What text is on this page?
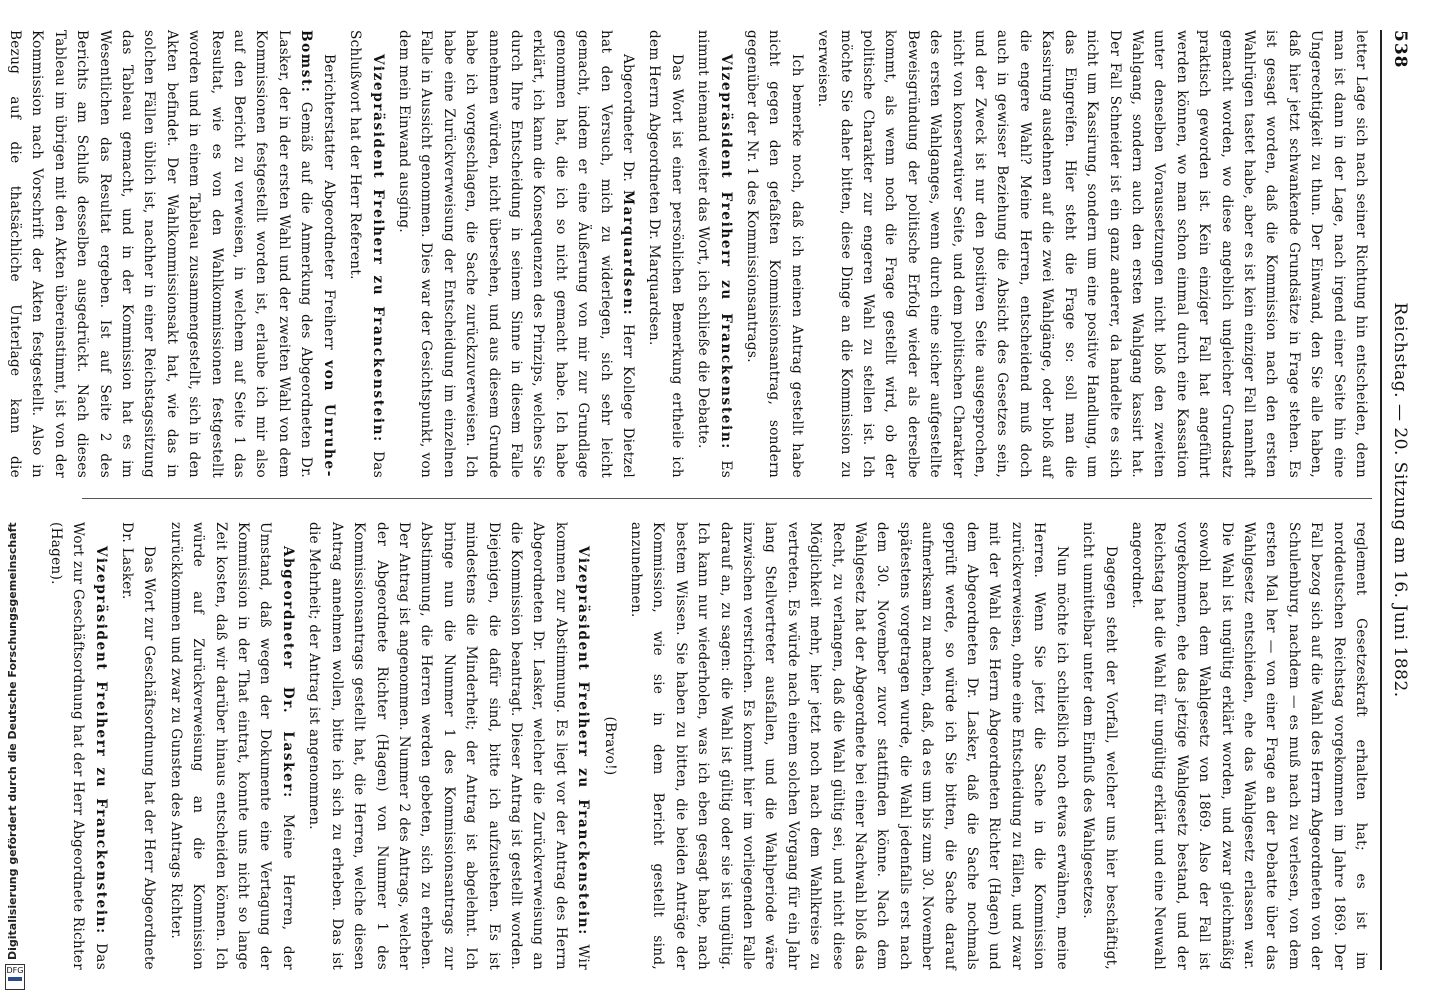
Digitalisierung gefördert durch die Deutsche Forschungsgemeinschaft
DFG
538
Reichstag. — 20. Sitzung am 16. Juni 1882.

letter Lage sich nach seiner Richtung hin entscheiden, denn man ist dann in der Lage, nach irgend einer Seite hin eine Ungerechtigkeit zu thun. Der Einwand, den Sie alle haben, daß hier jetzt schwankende Grundsätze in Frage stehen. Es ist gesagt worden, daß die Kommission nach den ersten Wahlrügen tastet habe, aber es ist kein einziger Fall namhaft gemacht worden, wo diese angeblich ungleicher Grundsatz praktisch geworden ist. Kein einziger Fall hat angeführt werden können, wo man schon einmal durch eine Kassation unter denselben Voraussetzungen nicht bloß den zweiten Wahlgang, sondern auch den ersten Wahlgang kassirt hat. Der Fall Schneider ist ein ganz anderer, da handelte es sich nicht um Kassirung, sondern um eine positive Handlung, um das Eingreifen. Hier steht die Frage so: soll man die Kassirung ausdehnen auf die zwei Wahlgänge, oder bloß auf die engere Wahl? Meine Herren, entscheidend muß doch auch in gewisser Beziehung die Absicht des Gesetzes sein, und der Zweck ist nur den positiven Seite ausgesprochen, nicht von konservativer Seite, und dem politischen Charakter des ersten Wahlganges, wenn durch eine sicher aufgestellte Beweisgründung der politische Erfolg wieder als derselbe kommt, als wenn noch die Frage gestellt wird, ob der politische Charakter zur engeren Wahl zu stellen ist. Ich möchte Sie daher bitten, diese Dinge an die Kommission zu verweisen.

Ich bemerke noch, daß ich meinen Antrag gestellt habe nicht gegen den gefaßten Kommissionsantrag, sondern gegenüber der Nr. 1 des Kommissionsantrags.

Vizepräsident Freiherr zu Franckenstein: Es nimmt niemand weiter das Wort, ich schließe die Debatte.

Das Wort ist einer persönlichen Bemerkung ertheile ich dem Herrn Abgeordneten Dr. Marquardsen.

Abgeordneter Dr. Marquardsen: Herr Kollege Dietzel hat den Versuch, mich zu widerlegen, sich sehr leicht gemacht, indem er eine Äußerung von mir zur Grundlage genommen hat, die ich so nicht gemacht habe. Ich habe erklärt, ich kann die Konsequenzen des Prinzips, welches Sie durch Ihre Entscheidung in seinem Sinne in diesem Falle annehmen würden, nicht übersehen, und aus diesem Grunde habe ich vorgeschlagen, die Sache zurückzuverweisen. Ich habe eine Zurückverweisung der Entscheidung im einzelnen Falle in Aussicht genommen. Dies war der Gesichtspunkt, von dem mein Einwand ausging.

Vizepräsident Freiherr zu Franckenstein: Das Schlußwort hat der Herr Referent.

Berichterstatter Abgeordneter Freiherr von Unruhe-Bomst: Gemäß auf die Anmerkung des Abgeordneten Dr. Lasker, der in der ersten Wahl und der zweiten Wahl von dem Kommissionen festgestellt worden ist, erlaube ich mir also auf den Bericht zu verweisen, in welchem auf Seite 1 das Resultat, wie es von den Wahlkommissionen festgestellt worden und in einem Tableau zusammengestellt, sich in den Akten befindet. Der Wahlkommissionsakt hat, wie das in solchen Fällen üblich ist, nachher in einer Reichstagssitzung das Tableau gemacht, und in der Kommission hat es im Wesentlichen das Resultat ergeben. Ist auf Seite 2 des Berichts am Schluß desselben ausgedrückt. Nach dieses Tableau im übrigen mit den Akten übereinstimmt, ist von der Kommission nach Vorschrift der Akten festgestellt. Also in Bezug auf die thatsächliche Unterlage kann die

reglement Gesetzeskraft erhalten hat; es ist im norddeutschen Reichstag vorgekommen im Jahre 1869. Der Fall bezog sich auf die Wahl des Herrn Abgeordneten von der Schulenburg, nachdem — es muß nach zu verlesen, von dem ersten Mal her — von einer Frage an der Debatte über das Wahlgesetz entschieden, ehe das Wahlgesetz erlassen war. Die Wahl ist ungültig erklärt worden, und zwar gleichmäßig sowohl nach dem Wahlgesetz von 1869. Also der Fall ist vorgekommen, ehe das jetzige Wahlgesetz bestand, und der Reichstag hat die Wahl für ungültig erklärt und eine Neuwahl angeordnet.

Dagegen steht der Vorfall, welcher uns hier beschäftigt, nicht unmittelbar unter dem Einfluß des Wahlgesetzes.

Nun möchte ich schließlich noch etwas erwähnen, meine Herren. Wenn Sie jetzt die Sache in die Kommission zurückverweisen, ohne eine Entscheidung zu fällen, und zwar mit der Wahl des Herrn Abgeordneten Richter (Hagen) und dem Abgeordneten Dr. Lasker, daß die Sache nochmals geprüft werde, so würde ich Sie bitten, die Sache darauf aufmerksam zu machen, daß, da es um bis zum 30. November spätestens vorgetragen wurde, die Wahl jedenfalls erst nach dem 30. November zuvor stattfinden könne. Nach dem Wahlgesetz hat der Abgeordnete bei einer Nachwahl bloß das Recht, zu verlangen, daß die Wahl gültig sei, und nicht diese Möglichkeit mehr, hier jetzt noch nach dem Wahlkreise zu vertreten. Es würde nach einem solchen Vorgang für ein Jahr lang Stellvertreter ausfallen, und die Wahlperiode wäre inzwischen verstrichen. Es kommt hier im vorliegenden Falle darauf an, zu sagen: die Wahl ist gültig oder sie ist ungültig. Ich kann nur wiederholen, was ich eben gesagt habe, nach bestem Wissen. Sie haben zu bitten, die beiden Anträge der Kommission, wie sie in dem Bericht gestellt sind, anzunehmen.

(Bravo!)

Vizepräsident Freiherr zu Franckenstein: Wir kommen zur Abstimmung. Es liegt vor der Antrag des Herrn Abgeordneten Dr. Lasker, welcher die Zurückverweisung an die Kommission beantragt. Dieser Antrag ist gestellt worden. Diejenigen, die dafür sind, bitte ich aufzustehen. Es ist mindestens die Minderheit; der Antrag ist abgelehnt. Ich bringe nun die Nummer 1 des Kommissionsantrags zur Abstimmung, die Herren werden gebeten, sich zu erheben. Der Antrag ist angenommen. Nummer 2 des Antrags, welcher der Abgeordnete Richter (Hagen) von Nummer 1 des Kommissionsantrags gestellt hat, die Herren, welche diesen Antrag annehmen wollen, bitte ich sich zu erheben. Das ist die Mehrheit; der Antrag ist angenommen.

Abgeordneter Dr. Lasker: Meine Herren, der Umstand, daß wegen der Dokumente eine Vertagung der Kommission in der That eintrat, konnte uns nicht so lange Zeit kosten, daß wir darüber hinaus entscheiden können. Ich würde auf Zurückverweisung an die Kommission zurückkommen und zwar zu Gunsten des Antrags Richter.

Das Wort zur Geschäftsordnung hat der Herr Abgeordnete Dr. Lasker.

Vizepräsident Freiherr zu Franckenstein: Das Wort zur Geschäftsordnung hat der Herr Abgeordnete Richter (Hagen).
